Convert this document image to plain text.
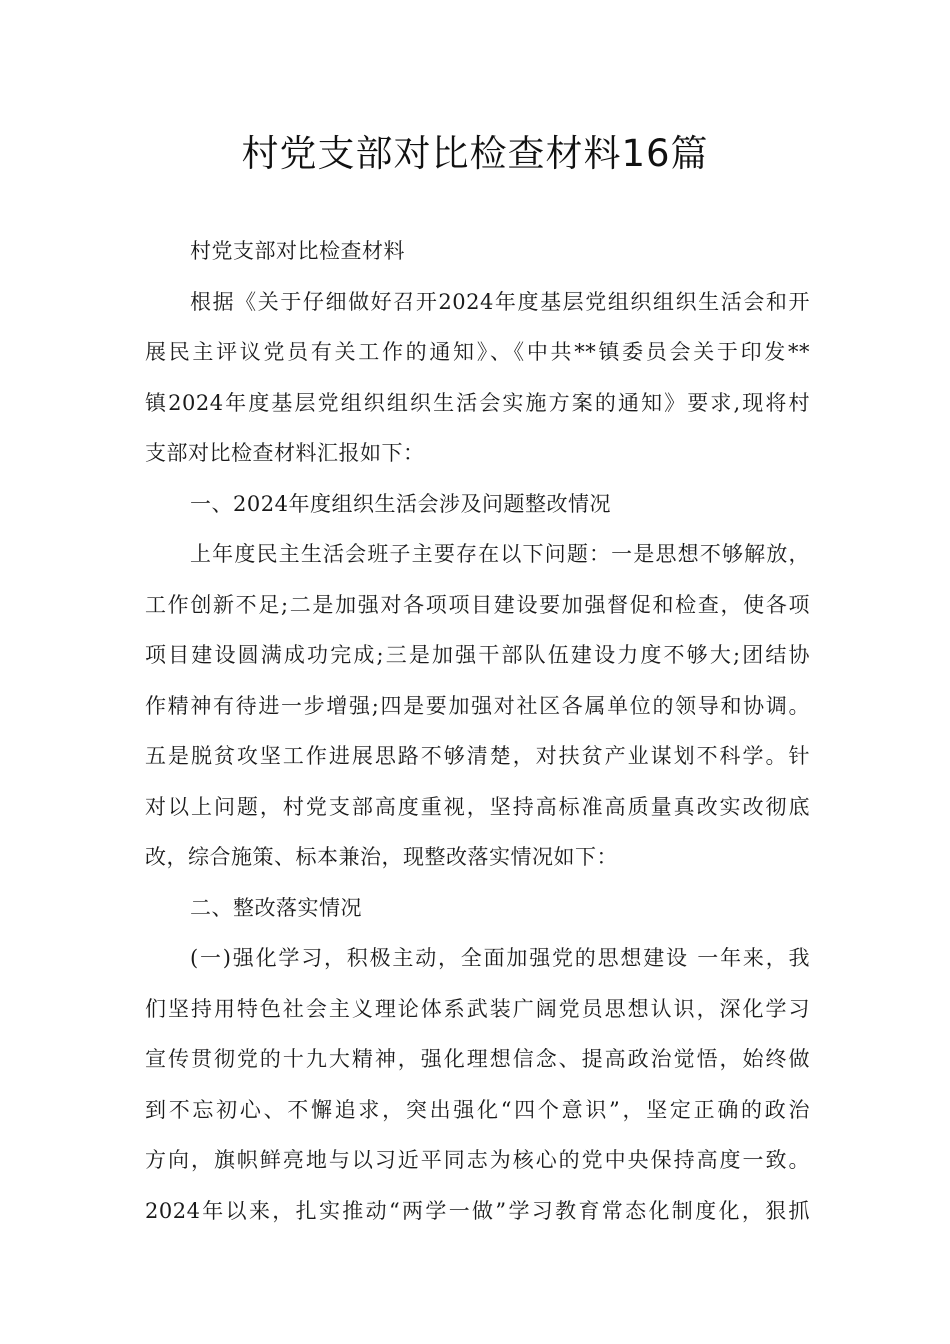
村党支部对比检查材料16篇
村党支部对比检查材料
根据《关于仔细做好召开2024年度基层党组织组织生活会和开
展民主评议党员有关工作的通知》、《中共**镇委员会关于印发**
镇2024年度基层党组织组织生活会实施方案的通知》要求,现将村
支部对比检查材料汇报如下：
一、2024年度组织生活会涉及问题整改情况
上年度民主生活会班子主要存在以下问题：一是思想不够解放，
工作创新不足;二是加强对各项项目建设要加强督促和检查，使各项
项目建设圆满成功完成;三是加强干部队伍建设力度不够大;团结协
作精神有待进一步增强;四是要加强对社区各属单位的领导和协调。
五是脱贫攻坚工作进展思路不够清楚，对扶贫产业谋划不科学。针
对以上问题，村党支部高度重视，坚持高标准高质量真改实改彻底
改，综合施策、标本兼治，现整改落实情况如下：
二、整改落实情况
(一)强化学习，积极主动，全面加强党的思想建设 一年来，我
们坚持用特色社会主义理论体系武装广阔党员思想认识，深化学习
宣传贯彻党的十九大精神，强化理想信念、提高政治觉悟，始终做
到不忘初心、不懈追求，突出强化“四个意识”，坚定正确的政治
方向，旗帜鲜亮地与以习近平同志为核心的党中央保持高度一致。
2024年以来，扎实推动“两学一做”学习教育常态化制度化，狠抓
